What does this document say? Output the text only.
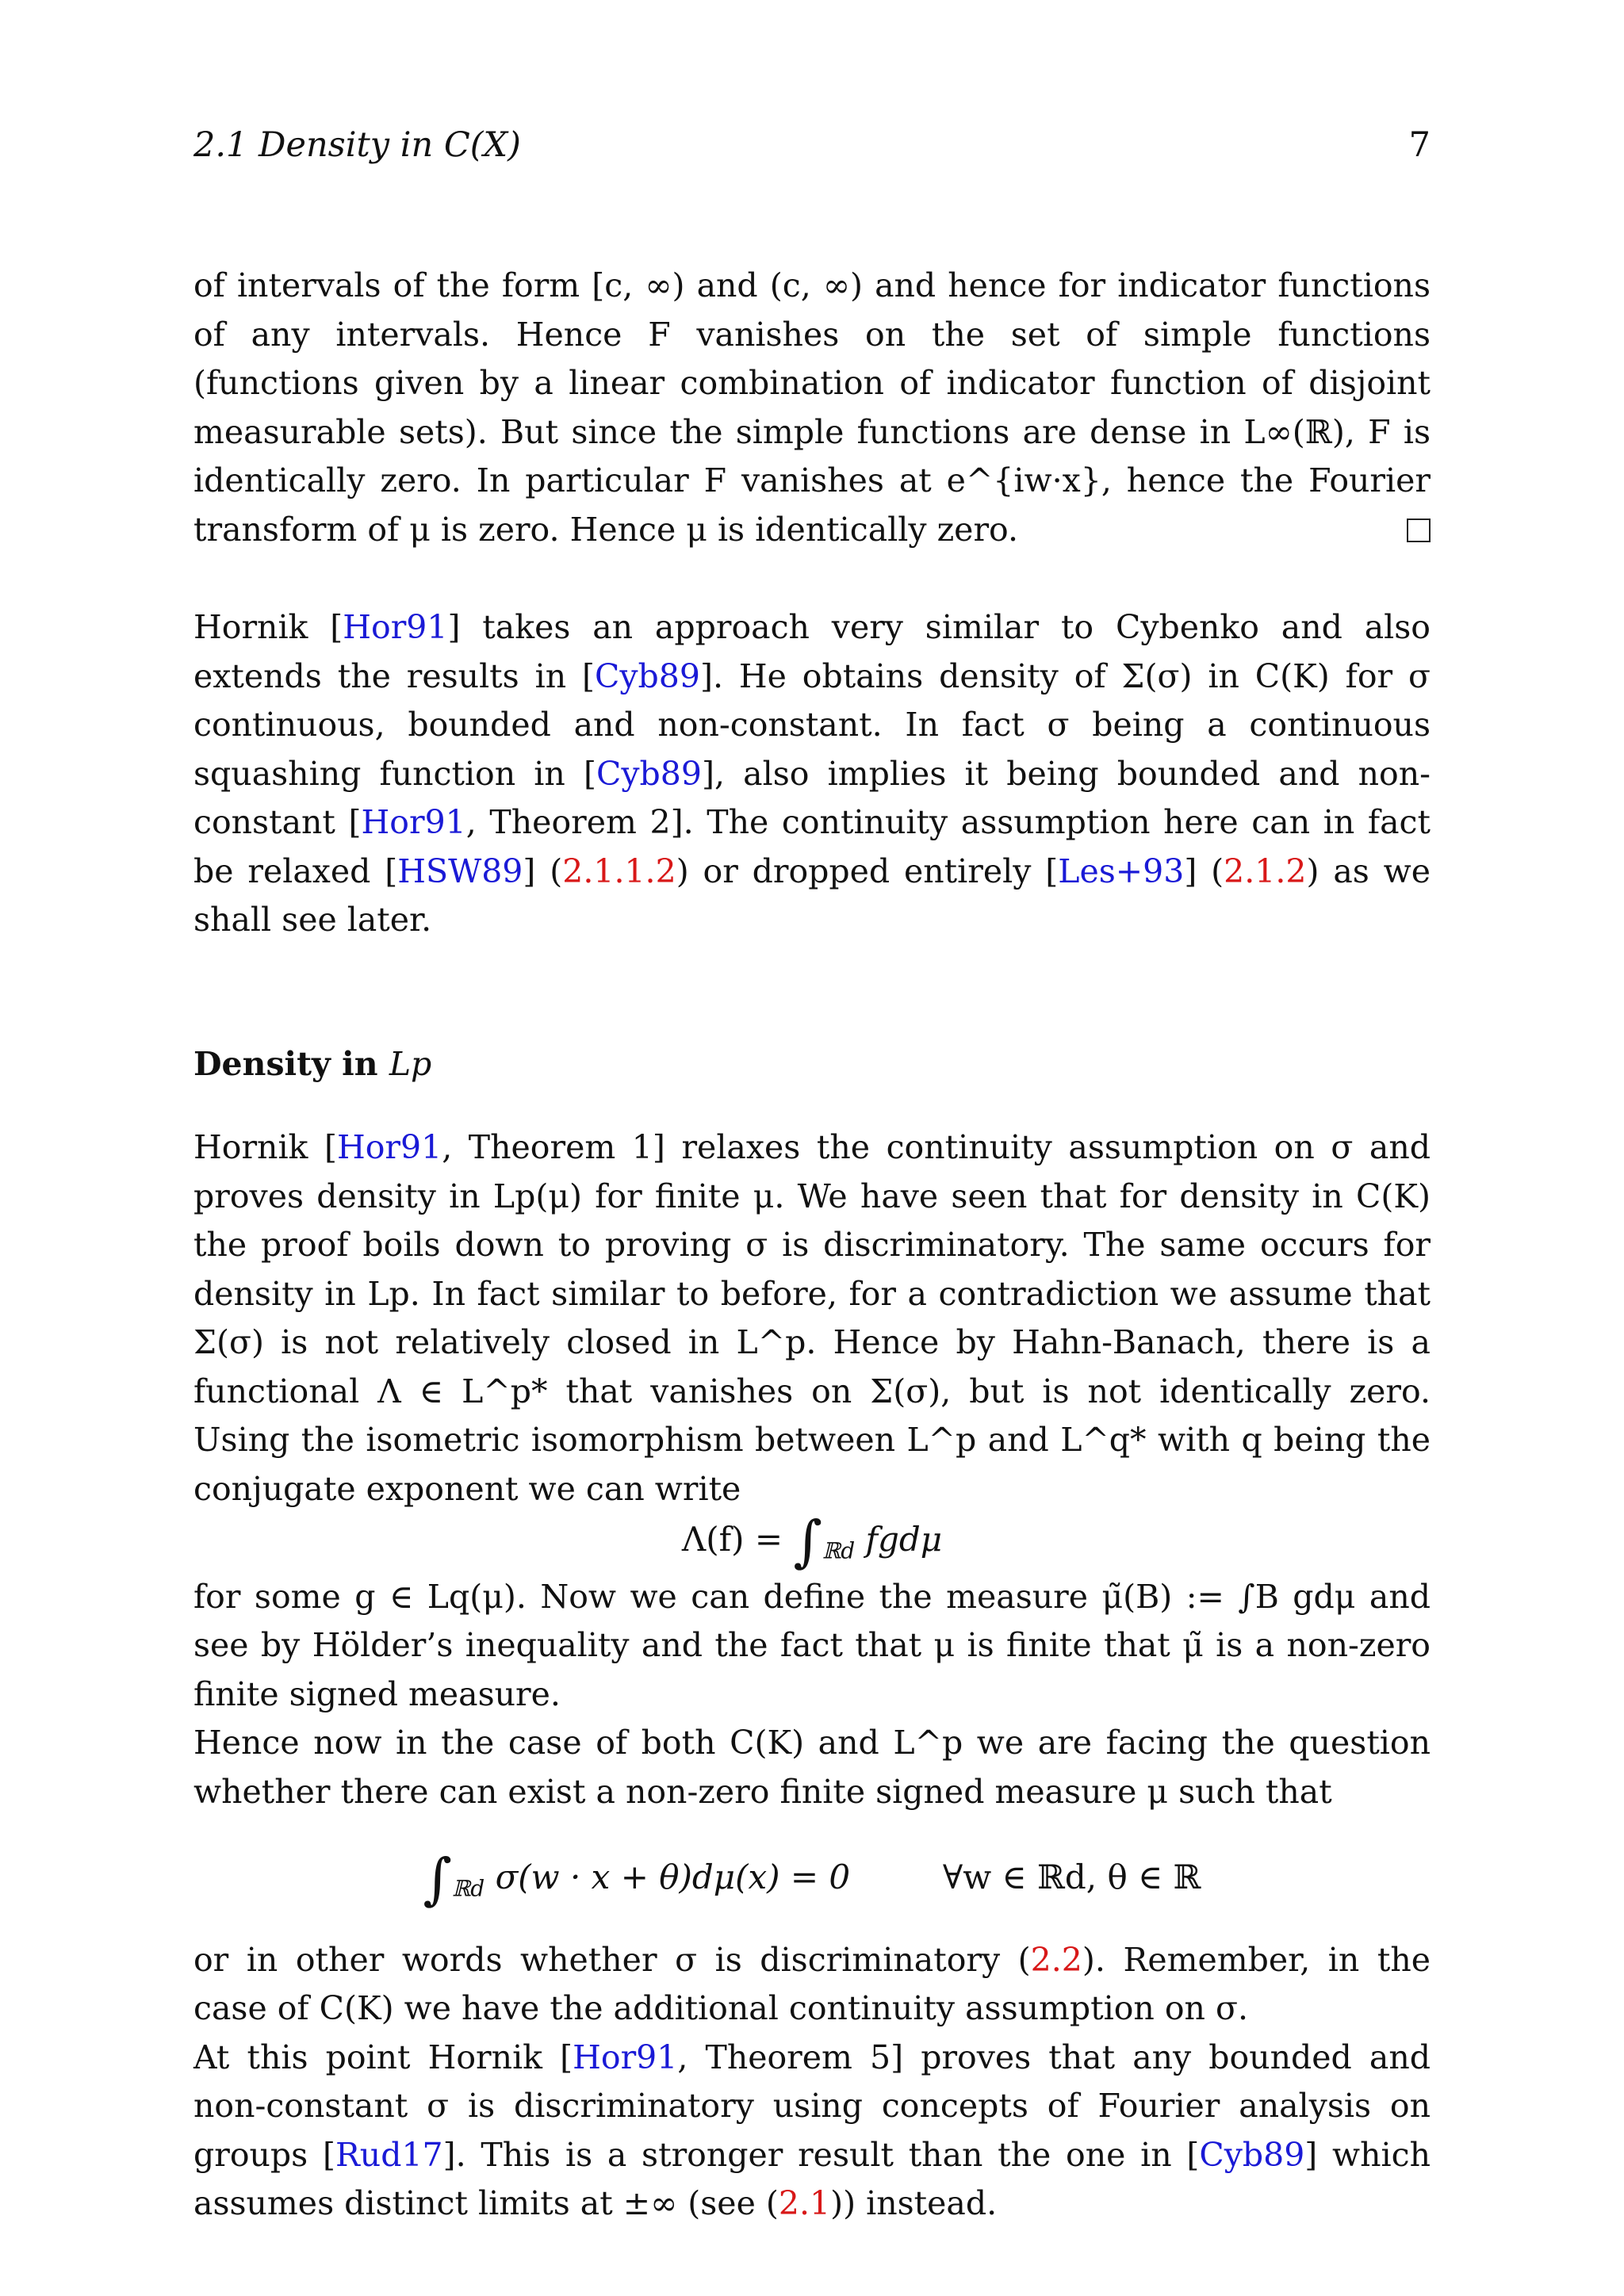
2.1 Density in C(X)	7

of intervals of the form [c, ∞) and (c, ∞) and hence for indicator functions of any intervals. Hence F vanishes on the set of simple functions (functions given by a linear combination of indicator function of disjoint measurable sets). But since the simple functions are dense in L∞(ℝ), F is identically zero. In particular F vanishes at e^{iw·x}, hence the Fourier transform of μ is zero. Hence μ is identically zero.

Hornik [Hor91] takes an approach very similar to Cybenko and also extends the results in [Cyb89]. He obtains density of Σ(σ) in C(K) for σ continuous, bounded and non-constant. In fact σ being a continuous squashing function in [Cyb89], also implies it being bounded and non-constant [Hor91, Theorem 2]. The continuity assumption here can in fact be relaxed [HSW89] (2.1.1.2) or dropped entirely [Les+93] (2.1.2) as we shall see later.

Density in Lp

Hornik [Hor91, Theorem 1] relaxes the continuity assumption on σ and proves density in Lp(μ) for finite μ. We have seen that for density in C(K) the proof boils down to proving σ is discriminatory. The same occurs for density in Lp. In fact similar to before, for a contradiction we assume that Σ(σ) is not relatively closed in L^p. Hence by Hahn-Banach, there is a functional Λ ∈ L^p* that vanishes on Σ(σ), but is not identically zero. Using the isometric isomorphism between L^p and L^q* with q being the conjugate exponent we can write

$\Lambda(f) = \int_{ℝd}$ fgdμ

for some g ∈ Lq(μ). Now we can define the measure μ̃(B) := ∫B gdμ and see by Hölder’s inequality and the fact that μ is finite that μ̃ is a non-zero finite signed measure.

Hence now in the case of both C(K) and L^p we are facing the question whether there can exist a non-zero finite signed measure μ such that

$\int_{ℝd}$ σ(w · x + θ)dμ(x) = 0	∀w ∈ ℝd, θ ∈ ℝ

or in other words whether σ is discriminatory (2.2). Remember, in the case of C(K) we have the additional continuity assumption on σ.

At this point Hornik [Hor91, Theorem 5] proves that any bounded and non-constant σ is discriminatory using concepts of Fourier analysis on groups [Rud17]. This is a stronger result than the one in [Cyb89] which assumes distinct limits at ±∞ (see (2.1)) instead.
